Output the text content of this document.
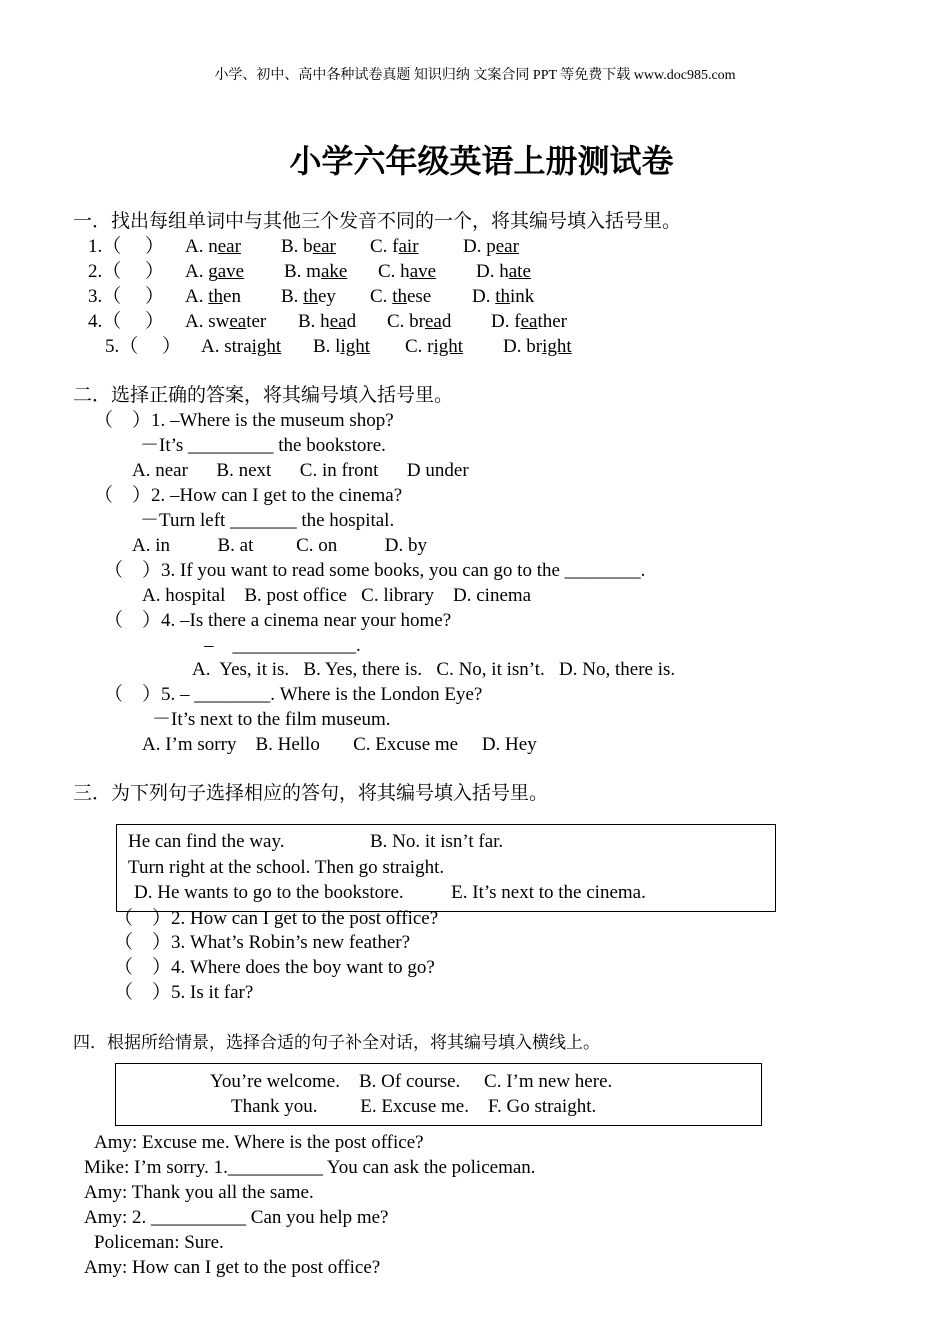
小学、初中、高中各种试卷真题 知识归纳 文案合同 PPT 等免费下载 www.doc985.com
小学六年级英语上册测试卷
一．找出每组单词中与其他三个发音不同的一个，将其编号填入括号里。
1.（     ） A. near B. bear C. fair D. pear
2.（     ） A. gave B. make C. have D. hate
3.（     ） A. then B. they C. these D. think
4.（     ） A. sweater B. head C. bread D. feather
5.（     ） A. straight B. light C. right D. bright
二．选择正确的答案，将其编号填入括号里。
（    ）1. –Where is the museum shop?
－It’s _________ the bookstore.
A. near      B. next      C. in front      D under
（    ）2. –How can I get to the cinema?
－Turn left _______ the hospital.
A. in          B. at         C. on          D. by
（    ）3. If you want to read some books, you can go to the ________.
A. hospital    B. post office   C. library    D. cinema
（    ）4. –Is there a cinema near your home?
–    _____________.
A.  Yes, it is.   B. Yes, there is.   C. No, it isn’t.   D. No, there is.
（    ）5. – ________. Where is the London Eye?
－It’s next to the film museum.
A. I’m sorry    B. Hello       C. Excuse me     D. Hey
三．为下列句子选择相应的答句，将其编号填入括号里。
He can find the way.                  B. No. it isn’t far.
Turn right at the school. Then go straight.
D. He wants to go to the bookstore.          E. It’s next to the cinema.
（    ）2. How can I get to the post office?
（    ）3. What’s Robin’s new feather?
（    ）4. Where does the boy want to go?
（    ）5. Is it far?
四．根据所给情景，选择合适的句子补全对话，将其编号填入横线上。
You’re welcome.    B. Of course.     C. I’m new here.
Thank you.         E. Excuse me.    F. Go straight.
Amy: Excuse me. Where is the post office?
Mike: I’m sorry. 1.__________ You can ask the policeman.
Amy: Thank you all the same.
Amy: 2. __________ Can you help me?
Policeman: Sure.
Amy: How can I get to the post office?
